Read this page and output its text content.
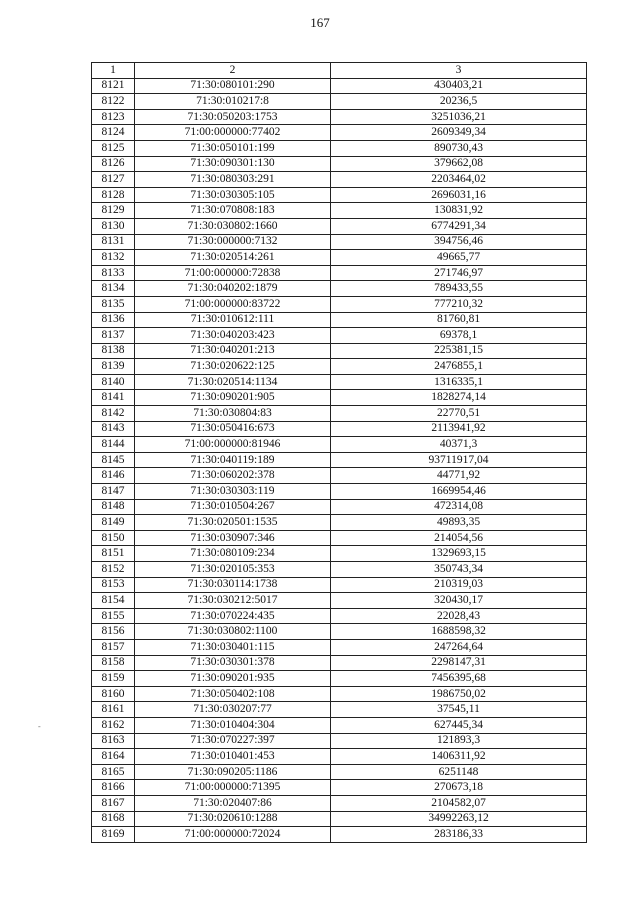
167
-
1	2	3
8121	71:30:080101:290	430403,21
8122	71:30:010217:8	20236,5
8123	71:30:050203:1753	3251036,21
8124	71:00:000000:77402	2609349,34
8125	71:30:050101:199	890730,43
8126	71:30:090301:130	379662,08
8127	71:30:080303:291	2203464,02
8128	71:30:030305:105	2696031,16
8129	71:30:070808:183	130831,92
8130	71:30:030802:1660	6774291,34
8131	71:30:000000:7132	394756,46
8132	71:30:020514:261	49665,77
8133	71:00:000000:72838	271746,97
8134	71:30:040202:1879	789433,55
8135	71:00:000000:83722	777210,32
8136	71:30:010612:111	81760,81
8137	71:30:040203:423	69378,1
8138	71:30:040201:213	225381,15
8139	71:30:020622:125	2476855,1
8140	71:30:020514:1134	1316335,1
8141	71:30:090201:905	1828274,14
8142	71:30:030804:83	22770,51
8143	71:30:050416:673	2113941,92
8144	71:00:000000:81946	40371,3
8145	71:30:040119:189	93711917,04
8146	71:30:060202:378	44771,92
8147	71:30:030303:119	1669954,46
8148	71:30:010504:267	472314,08
8149	71:30:020501:1535	49893,35
8150	71:30:030907:346	214054,56
8151	71:30:080109:234	1329693,15
8152	71:30:020105:353	350743,34
8153	71:30:030114:1738	210319,03
8154	71:30:030212:5017	320430,17
8155	71:30:070224:435	22028,43
8156	71:30:030802:1100	1688598,32
8157	71:30:030401:115	247264,64
8158	71:30:030301:378	2298147,31
8159	71:30:090201:935	7456395,68
8160	71:30:050402:108	1986750,02
8161	71:30:030207:77	37545,11
8162	71:30:010404:304	627445,34
8163	71:30:070227:397	121893,3
8164	71:30:010401:453	1406311,92
8165	71:30:090205:1186	6251148
8166	71:00:000000:71395	270673,18
8167	71:30:020407:86	2104582,07
8168	71:30:020610:1288	34992263,12
8169	71:00:000000:72024	283186,33
